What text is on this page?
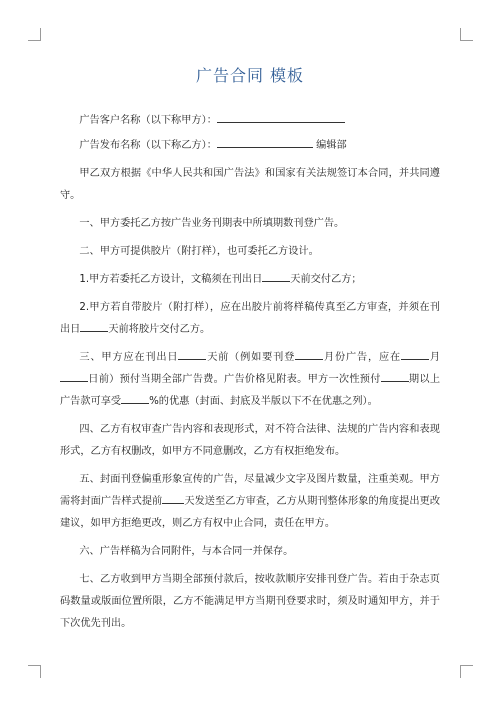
广告合同 模板

广告客户名称（以下称甲方）：

广告发布名称（以下称乙方）：	编辑部

甲乙双方根据《中华人民共和国广告法》和国家有关法规签订本合同，并共同遵守。

一、甲方委托乙方按广告业务刊期表中所填期数刊登广告。

二、甲方可提供胶片（附打样），也可委托乙方设计。

1.甲方若委托乙方设计，文稿须在刊出日	天前交付乙方；

2.甲方若自带胶片（附打样），应在出胶片前将样稿传真至乙方审查，并须在刊出日	天前将胶片交付乙方。

三、甲方应在刊出日	天前（例如要刊登	月份广告，应在	月日前）预付当期全部广告费。广告价格见附表。甲方一次性预付	期以上广告款可享受	%的优惠（封面、封底及半版以下不在优惠之列）。

四、乙方有权审查广告内容和表现形式，对不符合法律、法规的广告内容和表现形式，乙方有权删改，如甲方不同意删改，乙方有权拒绝发布。

五、封面刊登偏重形象宣传的广告，尽量减少文字及图片数量，注重美观。甲方需将封面广告样式提前 天发送至乙方审查，乙方从期刊整体形象的角度提出更改建议，如甲方拒绝更改，则乙方有权中止合同，责任在甲方。

六、广告样稿为合同附件，与本合同一并保存。

七、乙方收到甲方当期全部预付款后，按收款顺序安排刊登广告。若由于杂志页码数量或版面位置所限，乙方不能满足甲方当期刊登要求时，须及时通知甲方，并于下次优先刊出。
